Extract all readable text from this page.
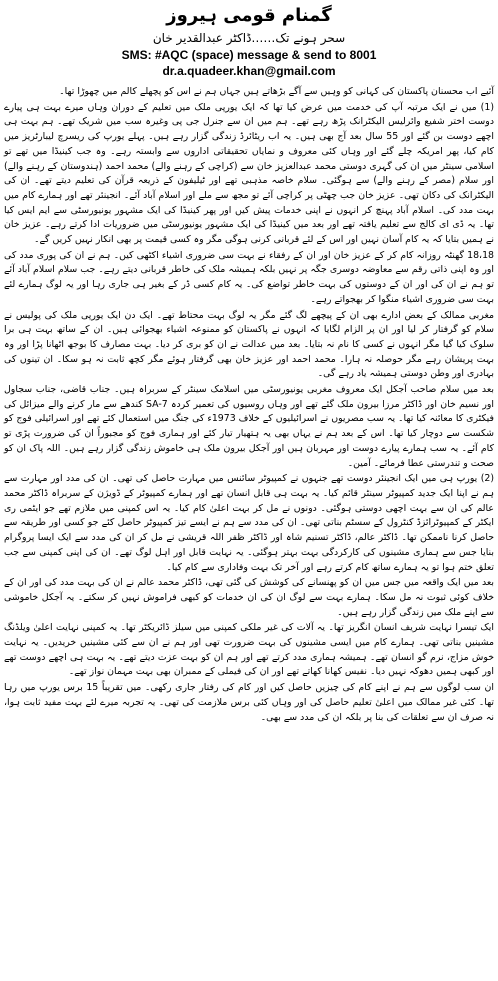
گمنام قومی ہیروز
سحر ہونے تک……ڈاکٹر عبدالقدیر خان
SMS: #AQC (space) message & send to 8001
dr.a.quadeer.khan@gmail.com

آئیے اب محسنان پاکستان کی کہانی کو وہیں سے آگے بڑھاتے ہیں جہاں ہم نے اس کو پچھلے کالم میں چھوڑا تھا۔

(1) میں نے ایک مرتبہ آپ کی خدمت میں عرض کیا تھا کہ ایک یورپی ملک میں تعلیم کے دوران وہاں میرے بہت ہی پیارے دوست اختر شفیع وائرلیس الیکٹرانک پڑھ رہے تھے۔ ہم میں ان سے جنرل جی پی وغیرہ سب میں شریک تھے۔ ہم بہت ہی اچھے دوست بن گئے اور 55 سال بعد آج بھی ہیں۔ یہ اب ریٹائرڈ زندگی گزار رہے ہیں۔ پہلے یورپ کی ریسرچ لیبارٹریز میں کام کیا، پھر امریکہ چلے گئے اور وہاں کئی معروف و نمایاں تحقیقاتی اداروں سے وابستہ رہے۔ وہ جب کینیڈا میں تھے تو اسلامی سینٹر میں ان کی گہری دوستی محمد عبدالعزیز خان سے (کراچی کے رہنے والے) محمد احمد (ہندوستان کے رہنے والے) اور سلام (مصر کے رہنے والے) سے ہوگئی۔ سلام خاصہ مذہبی تھے اور ٹیلیفون کے ذریعہ قرآن کی تعلیم دیتے تھے۔ ان کی الیکٹرانک کی دکان تھی۔ عزیز خان جب چھٹی پر کراچی آئے تو مجھ سے ملے اور اسلام آباد آئے۔ انجینئر تھے اور ہمارے کام میں بہت مدد کی۔ اسلام آباد پہنچ کر انہوں نے اپنی خدمات پیش کیں اور پھر کینیڈا کی ایک مشہور یونیورسٹی سے ایم ایس کیا تھا۔ یہ ڈی ای کالج سے تعلیم یافتہ تھے اور بعد میں کینیڈا کی ایک مشہور یونیورسٹی میں ضروریات ادا کرتے رہے۔ عزیز خان نے ہمیں بتایا کہ یہ کام آسان نہیں اور اس کے لئے قربانی کرنی ہوگی مگر وہ کسی قیمت پر بھی انکار نہیں کریں گے۔

18،18 گھنٹہ روزانہ کام کر کے عزیز خان اور ان کے رفقاء نے بہت سی ضروری اشیاء اکٹھی کیں۔ ہم نے ان کی پوری مدد کی اور وہ اپنی ذاتی رقم سے معاوضہ دوسری جگہ پر نہیں بلکہ ہمیشہ ملک کی خاطر قربانی دیتے رہے۔ جب سلام اسلام آباد آئے تو ہم نے ان کی اور ان کے دوستوں کی بہت خاطر تواضع کی۔ یہ کام کسی ڈر کے بغیر ہی جاری رہا اور یہ لوگ ہمارے لئے بہت سی ضروری اشیاء منگوا کر بھجواتے رہے۔

مغربی ممالک کے بعض ادارے بھی ان کے پیچھے لگ گئے مگر یہ لوگ بہت محتاط تھے۔ ایک دن ایک یورپی ملک کی پولیس نے سلام کو گرفتار کر لیا اور ان پر الزام لگایا کہ انہوں نے پاکستان کو ممنوعہ اشیاء بھجوائی ہیں۔ ان کے ساتھ بہت ہی برا سلوک کیا گیا مگر انہوں نے کسی کا نام نہ بتایا۔ بعد میں عدالت نے ان کو بری کر دیا۔ بہت مصارف کا بوجھ اٹھانا پڑا اور وہ بہت پریشان رہے مگر حوصلہ نہ ہارا۔ محمد احمد اور عزیز خان بھی گرفتار ہوئے مگر کچھ ثابت نہ ہو سکا۔ ان تینوں کی بہادری اور وطن دوستی ہمیشہ یاد رہے گی۔

بعد میں سلام صاحب آجکل ایک معروف مغربی یونیورسٹی میں اسلامک سینٹر کے سربراہ ہیں۔ جناب قاضی، جناب سجاول اور نسیم خان اور ڈاکٹر مرزا بیرون ملک گئے تھے اور وہاں روسیوں کی تعمیر کردہ SA-7 کندھے سے مار کرنے والے میزائل کی فیکٹری کا معائنہ کیا تھا۔ یہ سب مصریوں نے اسرائیلیوں کے خلاف 1973ء کی جنگ میں استعمال کئے تھے اور اسرائیلی فوج کو شکست سے دوچار کیا تھا۔ اس کے بعد ہم نے یہاں بھی یہ ہتھیار تیار کئے اور ہماری فوج کو مجبوراً ان کی ضرورت پڑی تو کام آئے۔ یہ سب ہمارے پیارے دوست اور مہربان ہیں اور آجکل بیرون ملک ہی خاموش زندگی گزار رہے ہیں۔ اللہ پاک ان کو صحت و تندرستی عطا فرمائے۔ آمین۔

(2) یورپ ہی میں ایک انجینئر دوست تھے جنہوں نے کمپیوٹر سائنس میں مہارت حاصل کی تھی۔ ان کی مدد اور مہارت سے ہم نے اپنا ایک جدید کمپیوٹر سینٹر قائم کیا۔ یہ بہت ہی قابل انسان تھے اور ہمارے کمپیوٹر کے ڈویژن کے سربراہ ڈاکٹر محمد عالم کی ان سے بہت اچھی دوستی ہوگئی۔ دونوں نے مل کر بہت اعلیٰ کام کیا۔ یہ اس کمپنی میں ملازم تھے جو ایٹمی ری ایکٹر کے کمپیوٹرائزڈ کنٹرول کے سسٹم بناتی تھی۔ ان کی مدد سے ہم نے ایسے تیز کمپیوٹر حاصل کئے جو کسی اور طریقہ سے حاصل کرنا ناممکن تھا۔ ڈاکٹر عالم، ڈاکٹر تسنیم شاہ اور ڈاکٹر ظفر اللہ قریشی نے مل کر ان کی مدد سے ایک ایسا پروگرام بنایا جس سے ہماری مشینوں کی کارکردگی بہت بہتر ہوگئی۔ یہ نہایت قابل اور اہل لوگ تھے۔ ان کی اپنی کمپنی سے جب تعلق ختم ہوا تو یہ ہمارے ساتھ کام کرتے رہے اور آخر تک بہت وفاداری سے کام کیا۔

بعد میں ایک واقعہ میں جس میں ان کو پھنسانے کی کوشش کی گئی تھی، ڈاکٹر محمد عالم نے ان کی بہت مدد کی اور ان کے خلاف کوئی ثبوت نہ مل سکا۔ ہمارے بہت سے لوگ ان کی ان خدمات کو کبھی فراموش نہیں کر سکتے۔ یہ آجکل خاموشی سے اپنے ملک میں زندگی گزار رہے ہیں۔

ایک تیسرا نہایت شریف انسان انگریز تھا۔ یہ آلات کی غیر ملکی کمپنی میں سیلز ڈائریکٹر تھا۔ یہ کمپنی نہایت اعلیٰ ویلڈنگ مشینیں بناتی تھی۔ ہمارے کام میں ایسی مشینوں کی بہت ضرورت تھی اور ہم نے ان سے کئی مشینیں خریدیں۔ یہ نہایت خوش مزاج، نرم گو انسان تھے۔ ہمیشہ ہماری مدد کرتے تھے اور ہم ان کو بہت عزت دیتے تھے۔ یہ بہت ہی اچھے دوست تھے اور کبھی ہمیں دھوکہ نہیں دیا۔ نفیس کھانا کھاتے تھے اور ان کی فیملی کے ممبران بھی بہت مہمان نواز تھے۔

ان سب لوگوں سے ہم نے اپنے کام کی چیزیں حاصل کیں اور کام کی رفتار جاری رکھی۔ میں تقریباً 15 برس یورپ میں رہا تھا۔ کئی غیر ممالک میں اعلیٰ تعلیم حاصل کی اور وہاں کئی برس ملازمت کی تھی۔ یہ تجربہ میرے لئے بہت مفید ثابت ہوا، نہ صرف ان سے تعلقات کی بنا پر بلکہ ان کی مدد سے بھی۔
